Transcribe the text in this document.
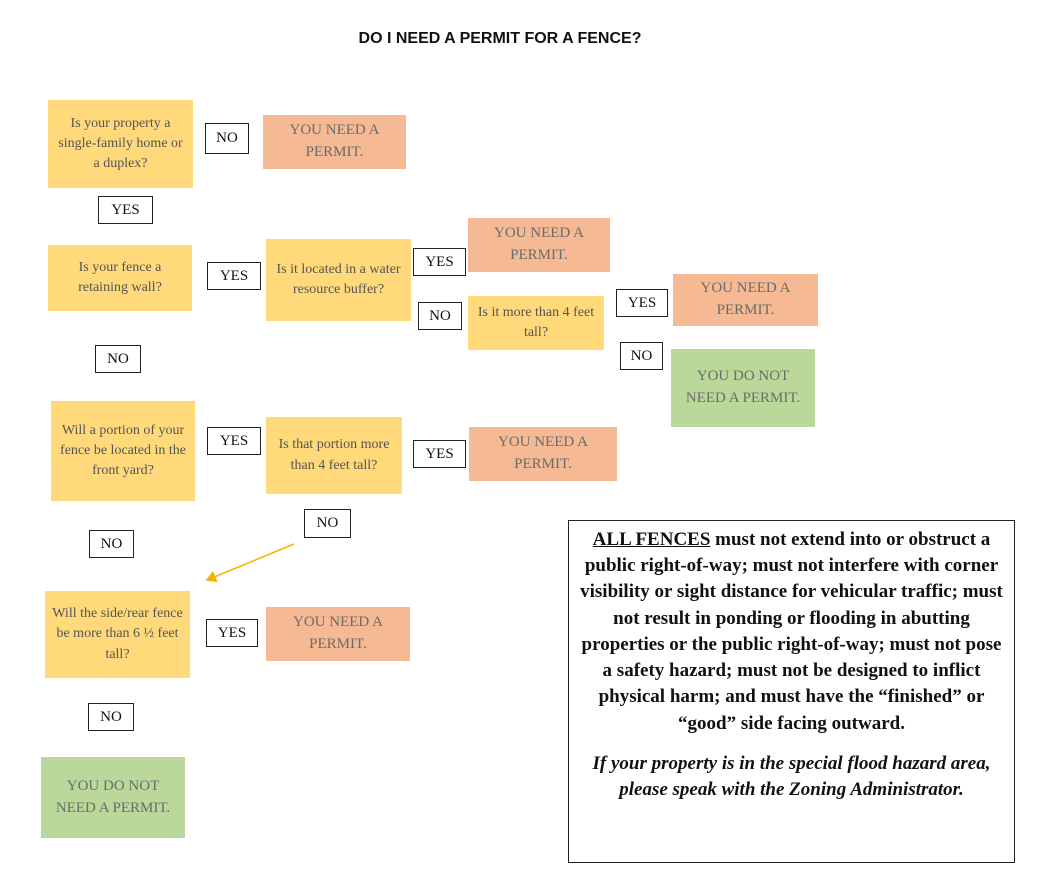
DO I NEED A PERMIT FOR A FENCE?
Is your property a single-family home or a duplex?
NO	YOU NEED A PERMIT.
YES
Is your fence a retaining wall?
YES	Is it located in a water resource buffer?
YES
YOU NEED A PERMIT.
NO	Is it more than 4 feet tall?
YES
YOU NEED A PERMIT.
NO
YOU DO NOT NEED A PERMIT.
NO
Will a portion of your fence be located in the front yard?
YES	Is that portion more than 4 feet tall?
YES
YOU NEED A PERMIT.
NO
NO
Will the side/rear fence be more than 6 ½ feet tall?
YES
YOU NEED A PERMIT.
NO
YOU DO NOT NEED A PERMIT.

ALL FENCES must not extend into or obstruct a public right-of-way; must not interfere with corner visibility or sight distance for vehicular traffic; must not result in ponding or flooding in abutting properties or the public right-of-way; must not pose a safety hazard; must not be designed to inflict physical harm; and must have the “finished” or “good” side facing outward.

If your property is in the special flood hazard area, please speak with the Zoning Administrator.
